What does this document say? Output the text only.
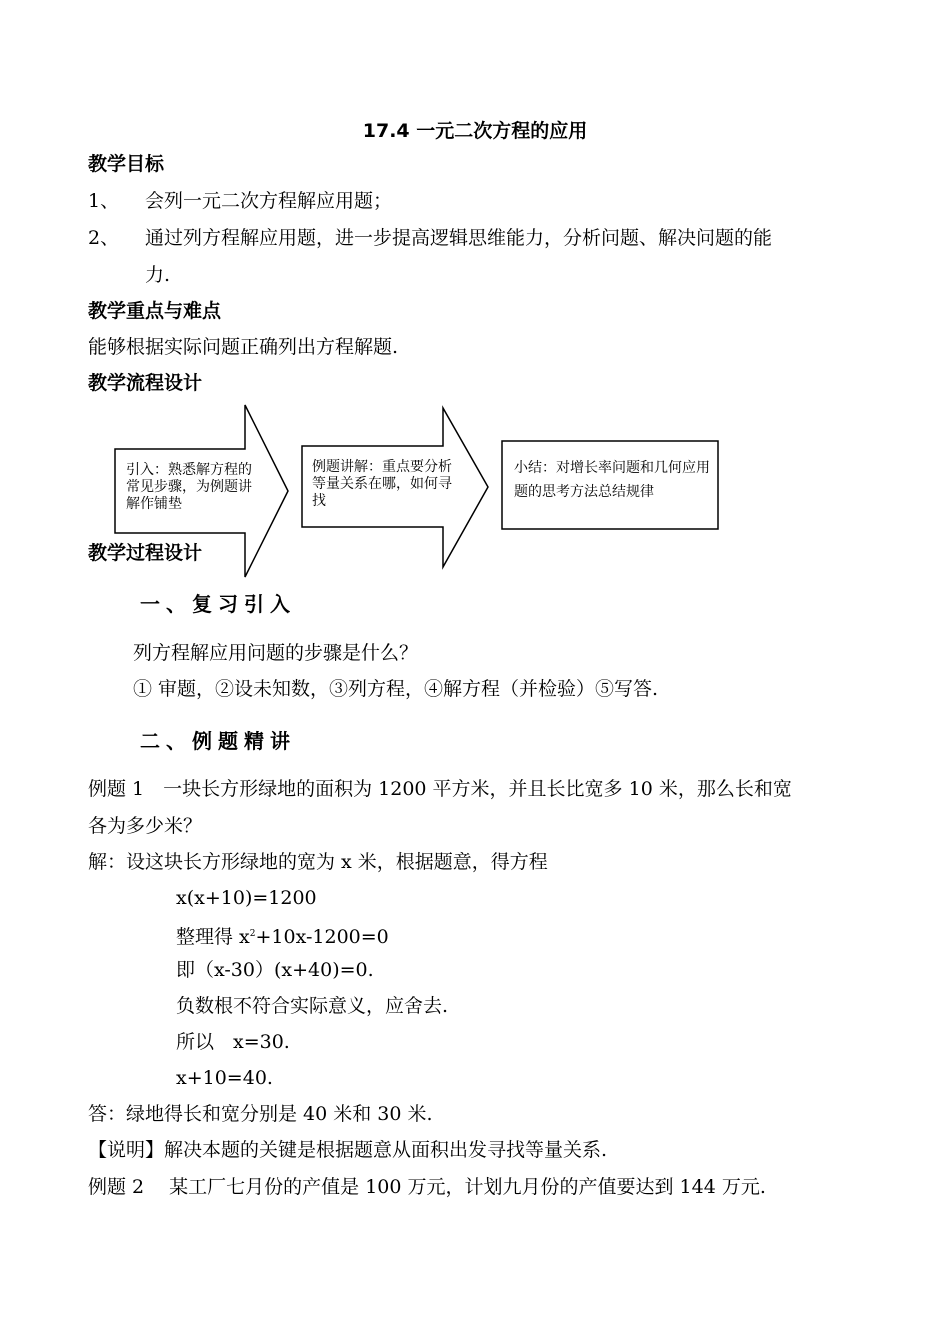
17.4 一元二次方程的应用
教学目标
1、 会列一元二次方程解应用题；
2、 通过列方程解应用题，进一步提高逻辑思维能力，分析问题、解决问题的能
力.
教学重点与难点
能够根据实际问题正确列出方程解题.
教学流程设计
引入：熟悉解方程的常见步骤，为例题讲解作铺垫
例题讲解：重点要分析等量关系在哪，如何寻找
小结：对增长率问题和几何应用题的思考方法总结规律
教学过程设计
一、复习引入
列方程解应用问题的步骤是什么？
① 审题，②设未知数，③列方程，④解方程（并检验）⑤写答.
二、例题精讲
例题 1　一块长方形绿地的面积为 1200 平方米，并且长比宽多 10 米，那么长和宽
各为多少米？
解：设这块长方形绿地的宽为 x 米，根据题意，得方程
x(x+10)=1200
整理得 $x^2+10x-1200=0$
即（x-30）(x+40)=0.
负数根不符合实际意义，应舍去.
所以　x=30.
x+10=40.
答：绿地得长和宽分别是 40 米和 30 米.
【说明】解决本题的关键是根据题意从面积出发寻找等量关系.
例题 2　 某工厂七月份的产值是 100 万元，计划九月份的产值要达到 144 万元.
